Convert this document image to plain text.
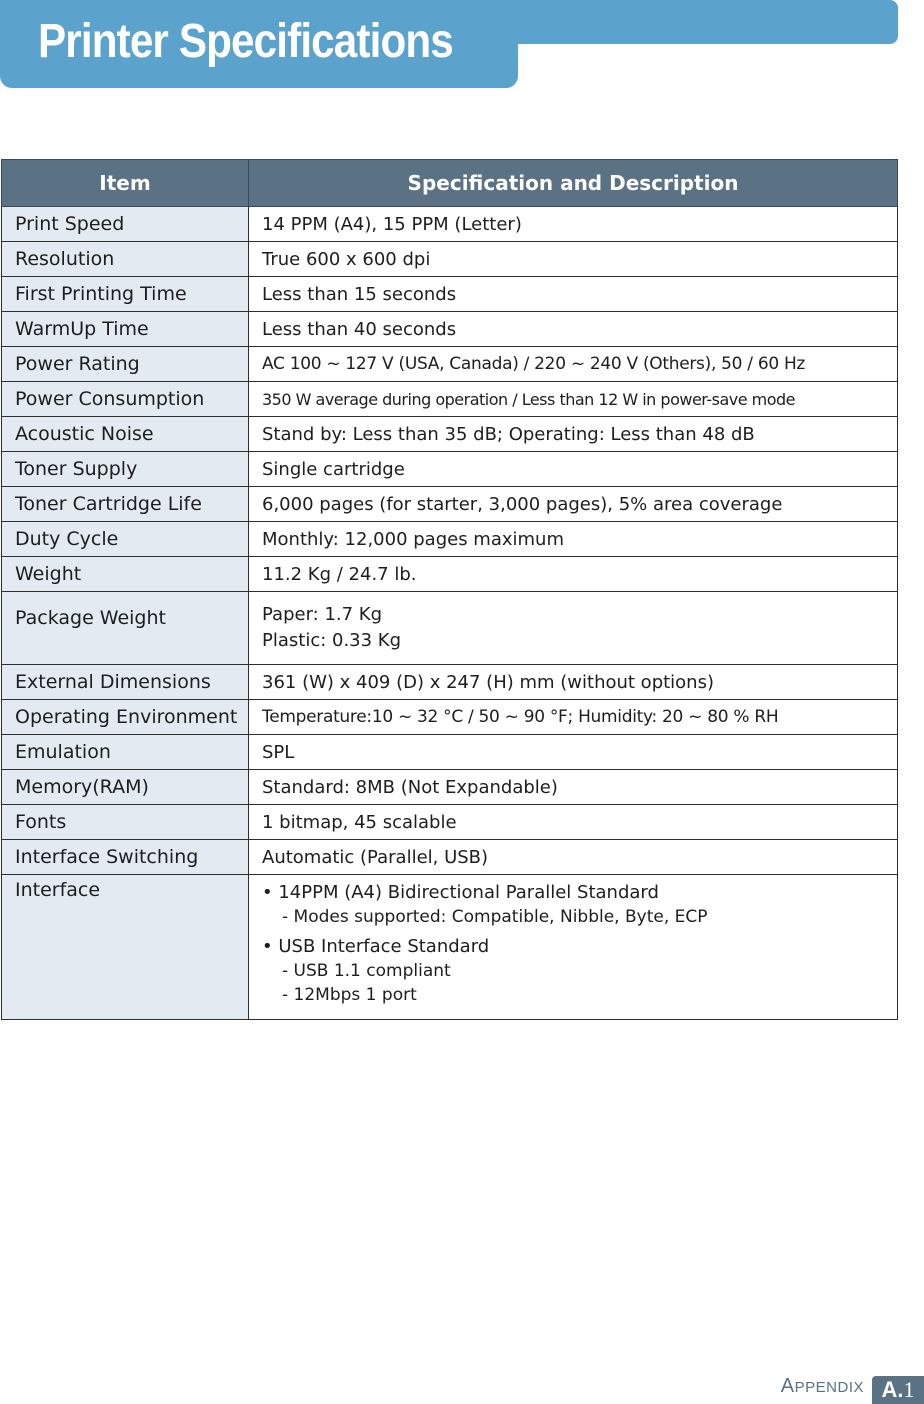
Printer Specifications
Item	Specification and Description
Print Speed	14 PPM (A4), 15 PPM (Letter)
Resolution	True 600 x 600 dpi
First Printing Time	Less than 15 seconds
WarmUp Time	Less than 40 seconds
Power Rating	AC 100 ~ 127 V (USA, Canada) / 220 ~ 240 V (Others), 50 / 60 Hz
Power Consumption	350 W average during operation / Less than 12 W in power-save mode
Acoustic Noise	Stand by: Less than 35 dB; Operating: Less than 48 dB
Toner Supply	Single cartridge
Toner Cartridge Life	6,000 pages (for starter, 3,000 pages), 5% area coverage
Duty Cycle	Monthly: 12,000 pages maximum
Weight	11.2 Kg / 24.7 lb.
Package Weight	Paper: 1.7 Kg
Plastic: 0.33 Kg

External Dimensions	361 (W) x 409 (D) x 247 (H) mm (without options)
Operating Environment	Temperature:10 ~ 32 °C / 50 ~ 90 °F; Humidity: 20 ~ 80 % RH
Emulation	SPL
Memory(RAM)	Standard: 8MB (Not Expandable)
Fonts	1 bitmap, 45 scalable
Interface Switching	Automatic (Parallel, USB)
Interface	• 14PPM (A4) Bidirectional Parallel Standard
- Modes supported: Compatible, Nibble, Byte, ECP
• USB Interface Standard
- USB 1.1 compliant
- 12Mbps 1 port
APPENDIX A.1
